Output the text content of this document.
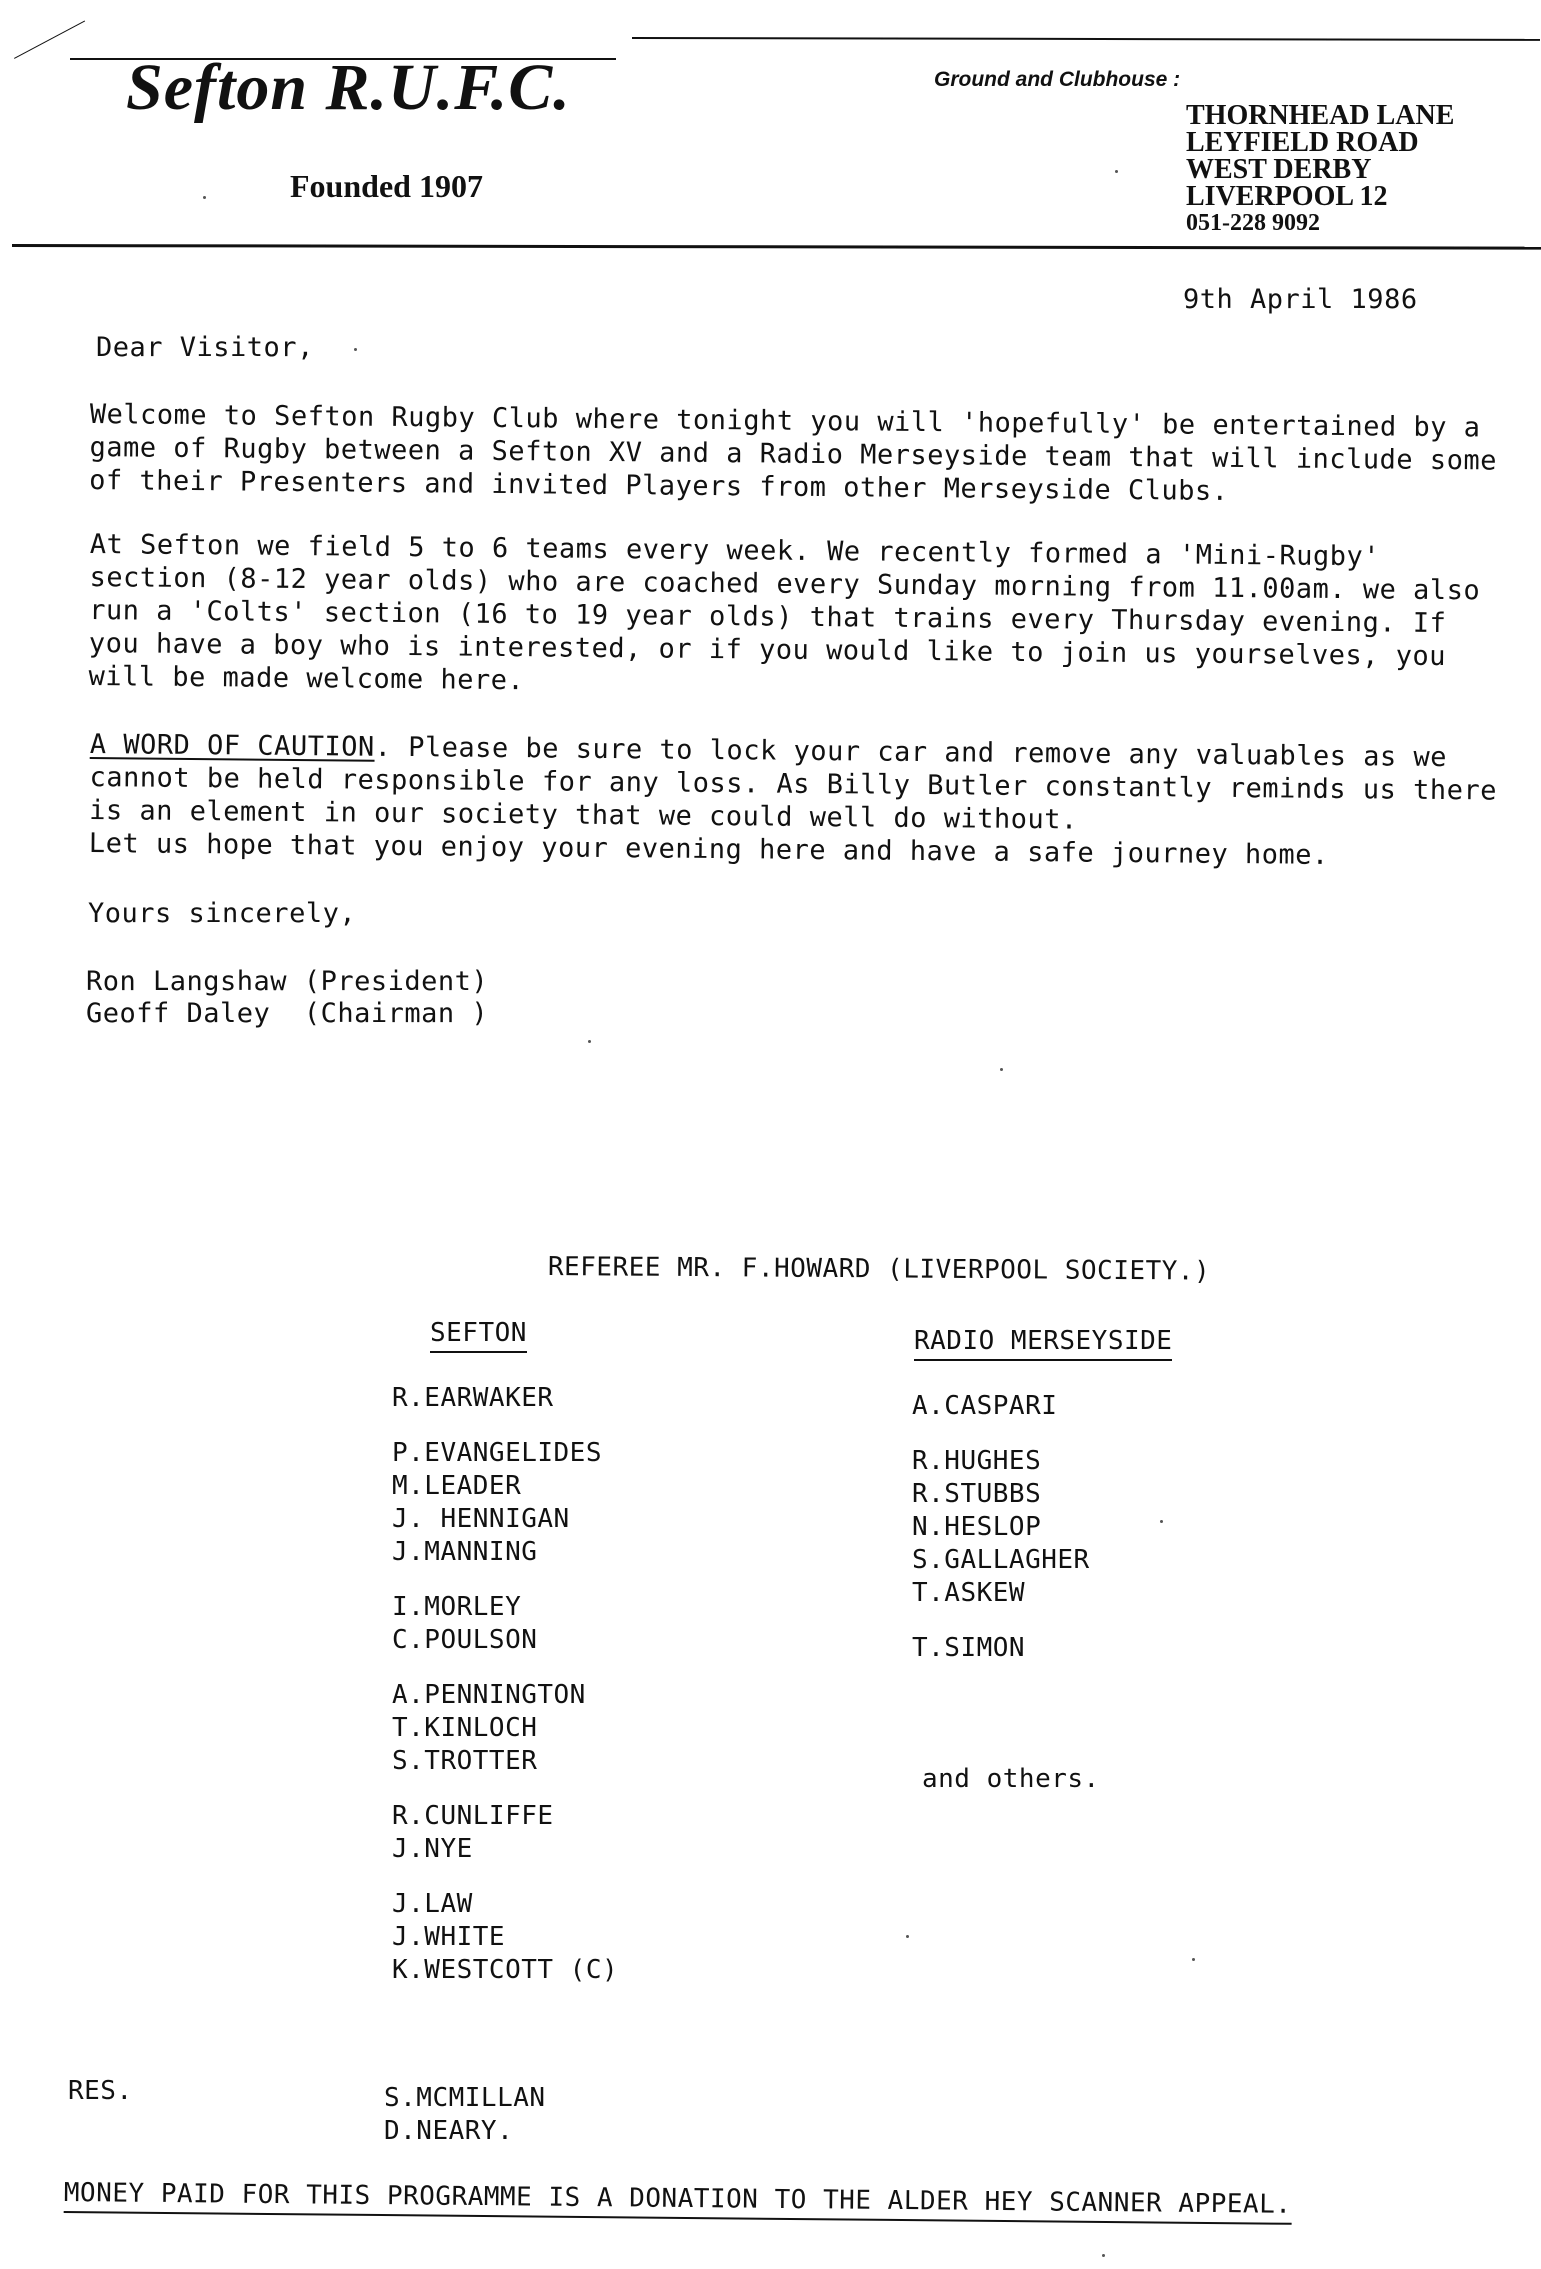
Sefton R.U.F.C.
Founded 1907
Ground and Clubhouse :
THORNHEAD LANE
LEYFIELD ROAD
WEST DERBY
LIVERPOOL 12
051-228 9092
9th April 1986
Dear Visitor,

Welcome to Sefton Rugby Club where tonight you will 'hopefully' be entertained by a game of Rugby between a Sefton XV and a Radio Merseyside team that will include some of their Presenters and invited Players from other Merseyside Clubs.

At Sefton we field 5 to 6 teams every week. We recently formed a 'Mini-Rugby' section (8-12 year olds) who are coached every Sunday morning from 11.00am. we also run a 'Colts' section (16 to 19 year olds) that trains every Thursday evening. If you have a boy who is interested, or if you would like to join us yourselves, you will be made welcome here.

A WORD OF CAUTION. Please be sure to lock your car and remove any valuables as we cannot be held responsible for any loss. As Billy Butler constantly reminds us there is an element in our society that we could well do without.
Let us hope that you enjoy your evening here and have a safe journey home.

Yours sincerely,
Ron Langshaw (President)
Geoff Daley  (Chairman )
REFEREE MR. F.HOWARD (LIVERPOOL SOCIETY.)
SEFTON	RADIO MERSEYSIDE
R.EARWAKER
P.EVANGELIDES
M.LEADER
J. HENNIGAN
J.MANNING
I.MORLEY
C.POULSON
A.PENNINGTON
T.KINLOCH
S.TROTTER
R.CUNLIFFE
J.NYE
J.LAW
J.WHITE
K.WESTCOTT (C)
A.CASPARI
R.HUGHES
R.STUBBS
N.HESLOP
S.GALLAGHER
T.ASKEW
T.SIMON
and others.
RES.	S.MCMILLAN
D.NEARY.
MONEY PAID FOR THIS PROGRAMME IS A DONATION TO THE ALDER HEY SCANNER APPEAL.
